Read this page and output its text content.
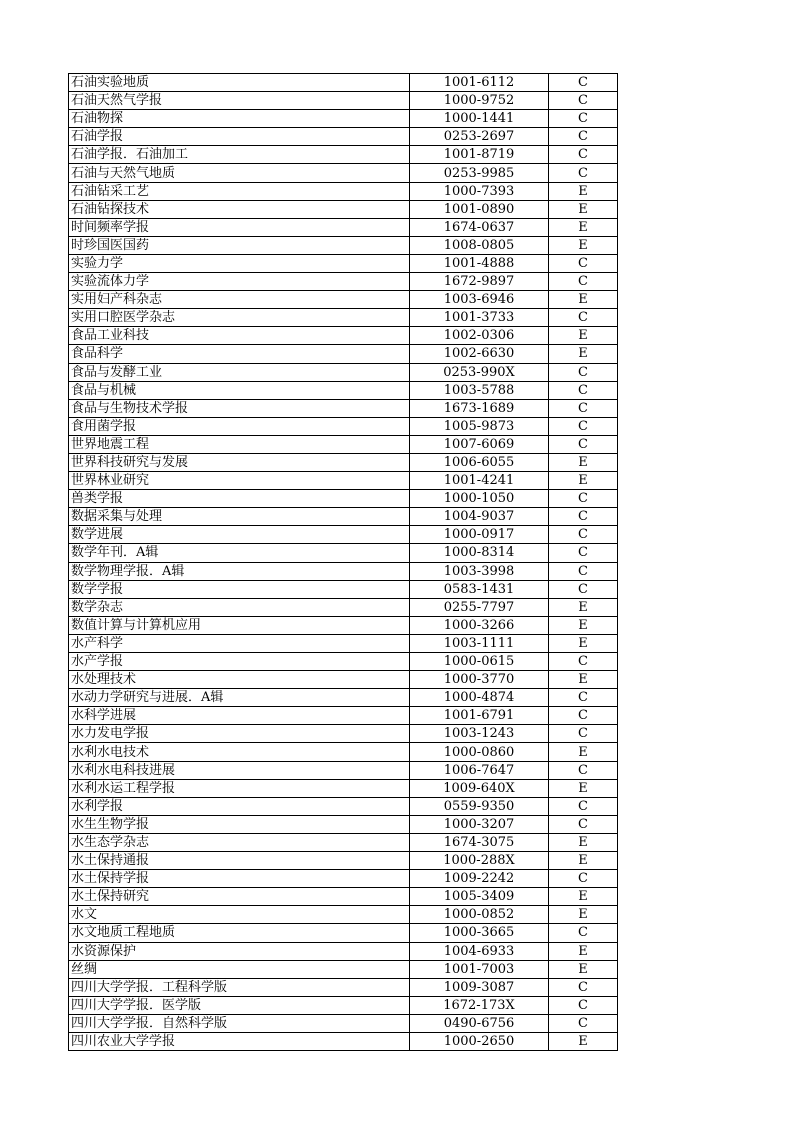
石油实验地质	1001-6112	C
石油天然气学报	1000-9752	C
石油物探	1000-1441	C
石油学报	0253-2697	C
石油学报．石油加工	1001-8719	C
石油与天然气地质	0253-9985	C
石油钻采工艺	1000-7393	E
石油钻探技术	1001-0890	E
时间频率学报	1674-0637	E
时珍国医国药	1008-0805	E
实验力学	1001-4888	C
实验流体力学	1672-9897	C
实用妇产科杂志	1003-6946	E
实用口腔医学杂志	1001-3733	C
食品工业科技	1002-0306	E
食品科学	1002-6630	E
食品与发酵工业	0253-990X	C
食品与机械	1003-5788	C
食品与生物技术学报	1673-1689	C
食用菌学报	1005-9873	C
世界地震工程	1007-6069	C
世界科技研究与发展	1006-6055	E
世界林业研究	1001-4241	E
兽类学报	1000-1050	C
数据采集与处理	1004-9037	C
数学进展	1000-0917	C
数学年刊．A辑	1000-8314	C
数学物理学报．A辑	1003-3998	C
数学学报	0583-1431	C
数学杂志	0255-7797	E
数值计算与计算机应用	1000-3266	E
水产科学	1003-1111	E
水产学报	1000-0615	C
水处理技术	1000-3770	E
水动力学研究与进展．A辑	1000-4874	C
水科学进展	1001-6791	C
水力发电学报	1003-1243	C
水利水电技术	1000-0860	E
水利水电科技进展	1006-7647	C
水利水运工程学报	1009-640X	E
水利学报	0559-9350	C
水生生物学报	1000-3207	C
水生态学杂志	1674-3075	E
水土保持通报	1000-288X	E
水土保持学报	1009-2242	C
水土保持研究	1005-3409	E
水文	1000-0852	E
水文地质工程地质	1000-3665	C
水资源保护	1004-6933	E
丝绸	1001-7003	E
四川大学学报．工程科学版	1009-3087	C
四川大学学报．医学版	1672-173X	C
四川大学学报．自然科学版	0490-6756	C
四川农业大学学报	1000-2650	E
